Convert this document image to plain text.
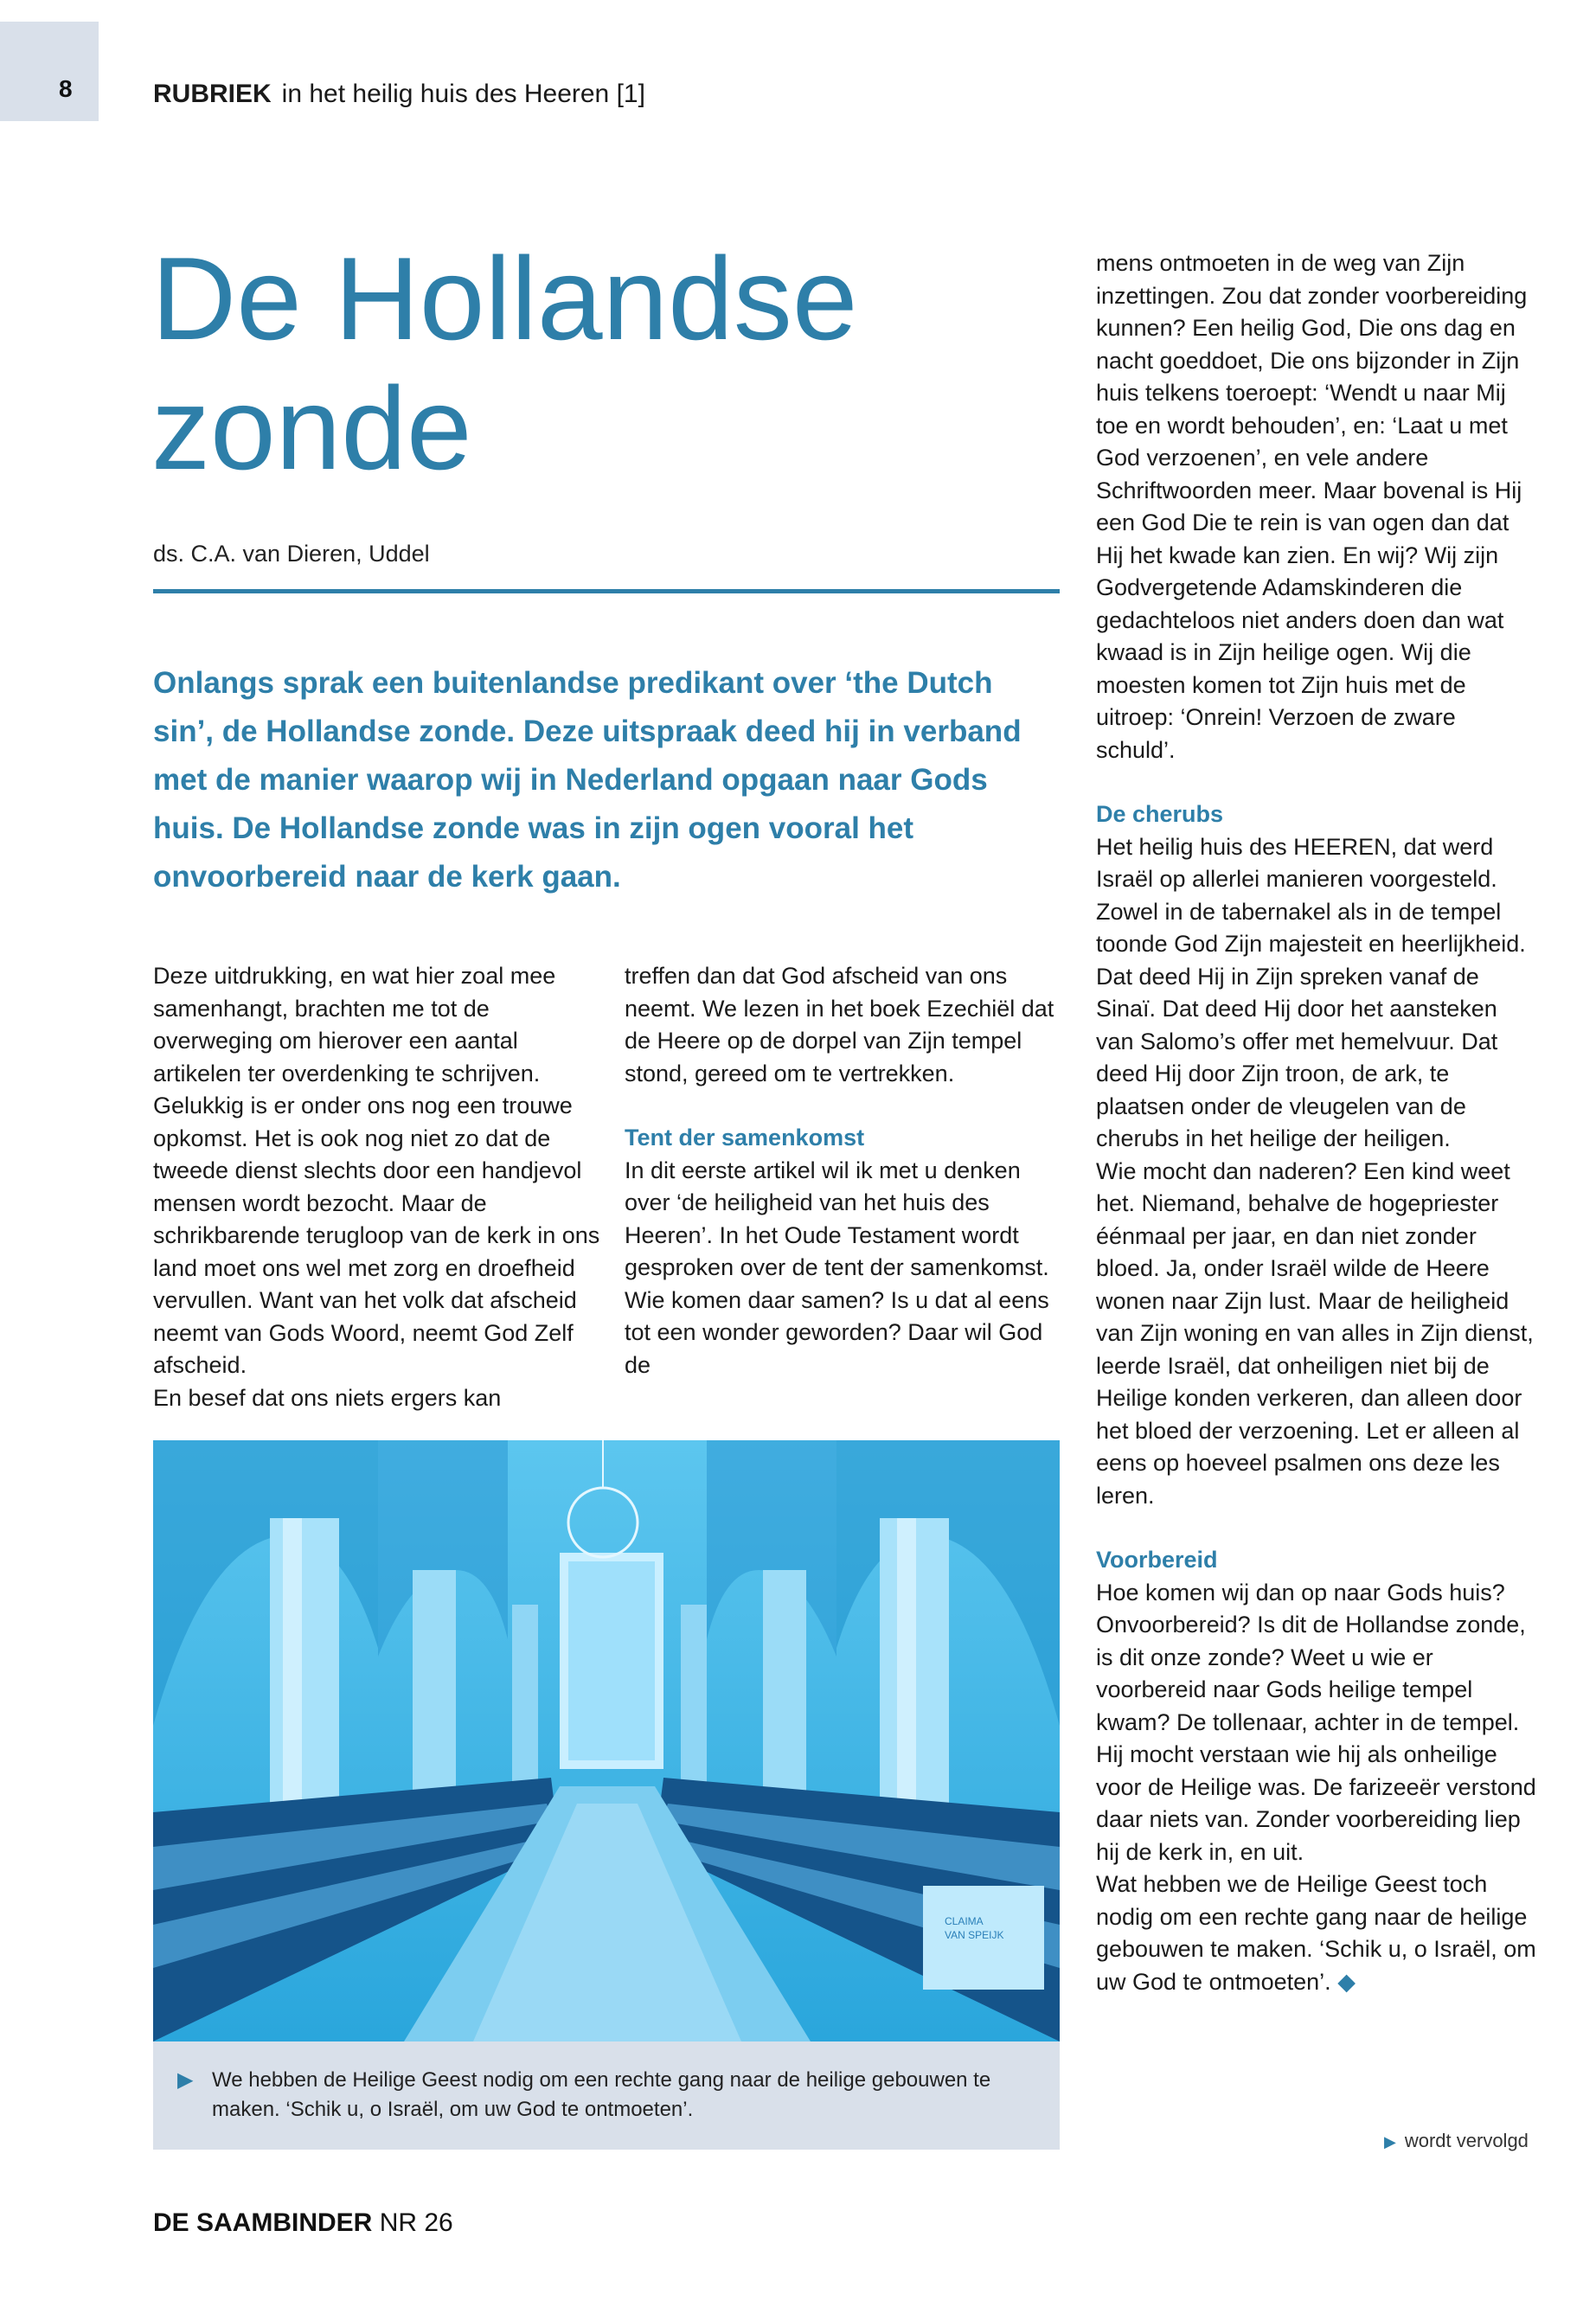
8	RUBRIEK in het heilig huis des Heeren [1]
De Hollandse
zonde
ds. C.A. van Dieren, Uddel

Onlangs sprak een buitenlandse predikant over ‘the Dutch sin’, de Hollandse zonde. Deze uitspraak deed hij in verband met de manier waarop wij in Nederland opgaan naar Gods huis. De Hollandse zonde was in zijn ogen vooral het onvoorbereid naar de kerk gaan.

Deze uitdrukking, en wat hier zoal mee samenhangt, brachten me tot de overweging om hierover een aantal artikelen ter overdenking te schrijven. Gelukkig is er onder ons nog een trouwe opkomst. Het is ook nog niet zo dat de tweede dienst slechts door een handjevol mensen wordt bezocht. Maar de schrikbarende terugloop van de kerk in ons land moet ons wel met zorg en droefheid vervullen. Want van het volk dat afscheid neemt van Gods Woord, neemt God Zelf afscheid.

En besef dat ons niets ergers kan

treffen dan dat God afscheid van ons neemt. We lezen in het boek Ezechiël dat de Heere op de dorpel van Zijn tempel stond, gereed om te vertrekken.

Tent der samenkomst

In dit eerste artikel wil ik met u denken over ‘de heiligheid van het huis des Heeren’. In het Oude Testament wordt gesproken over de tent der samenkomst. Wie komen daar samen? Is u dat al eens tot een wonder geworden? Daar wil God de

mens ontmoeten in de weg van Zijn inzettingen. Zou dat zonder voorbereiding kunnen? Een heilig God, Die ons dag en nacht goeddoet, Die ons bijzonder in Zijn huis telkens toeroept: ‘Wendt u naar Mij toe en wordt behouden’, en: ‘Laat u met God verzoenen’, en vele andere Schriftwoorden meer. Maar bovenal is Hij een God Die te rein is van ogen dan dat Hij het kwade kan zien. En wij? Wij zijn Godvergetende Adamskinderen die gedachteloos niet anders doen dan wat kwaad is in Zijn heilige ogen. Wij die moesten komen tot Zijn huis met de uitroep: ‘Onrein! Verzoen de zware schuld’.

De cherubs

Het heilig huis des HEEREN, dat werd Israël op allerlei manieren voorgesteld. Zowel in de tabernakel als in de tempel toonde God Zijn majesteit en heerlijkheid. Dat deed Hij in Zijn spreken vanaf de Sinaï. Dat deed Hij door het aansteken van Salomo’s offer met hemelvuur. Dat deed Hij door Zijn troon, de ark, te plaatsen onder de vleugelen van de cherubs in het heilige der heiligen.

Wie mocht dan naderen? Een kind weet het. Niemand, behalve de hogepriester éénmaal per jaar, en dan niet zonder bloed. Ja, onder Israël wilde de Heere wonen naar Zijn lust. Maar de heiligheid van Zijn woning en van alles in Zijn dienst, leerde Israël, dat onheiligen niet bij de Heilige konden verkeren, dan alleen door het bloed der verzoening. Let er alleen al eens op hoeveel psalmen ons deze les leren.

Voorbereid

Hoe komen wij dan op naar Gods huis? Onvoorbereid? Is dit de Hollandse zonde, is dit onze zonde? Weet u wie er voorbereid naar Gods heilige tempel kwam? De tollenaar, achter in de tempel. Hij mocht verstaan wie hij als onheilige voor de Heilige was. De farizeeër verstond daar niets van. Zonder voorbereiding liep hij de kerk in, en uit.

Wat hebben we de Heilige Geest toch nodig om een rechte gang naar de heilige gebouwen te maken. ‘Schik u, o Israël, om uw God te ontmoeten’. ◆

CLAIMA
VAN SPEIJK
▶ We hebben de Heilige Geest nodig om een rechte gang naar de heilige gebouwen te maken. ‘Schik u, o Israël, om uw God te ontmoeten’.
▶ wordt vervolgd
DE SAAMBINDER NR 26
